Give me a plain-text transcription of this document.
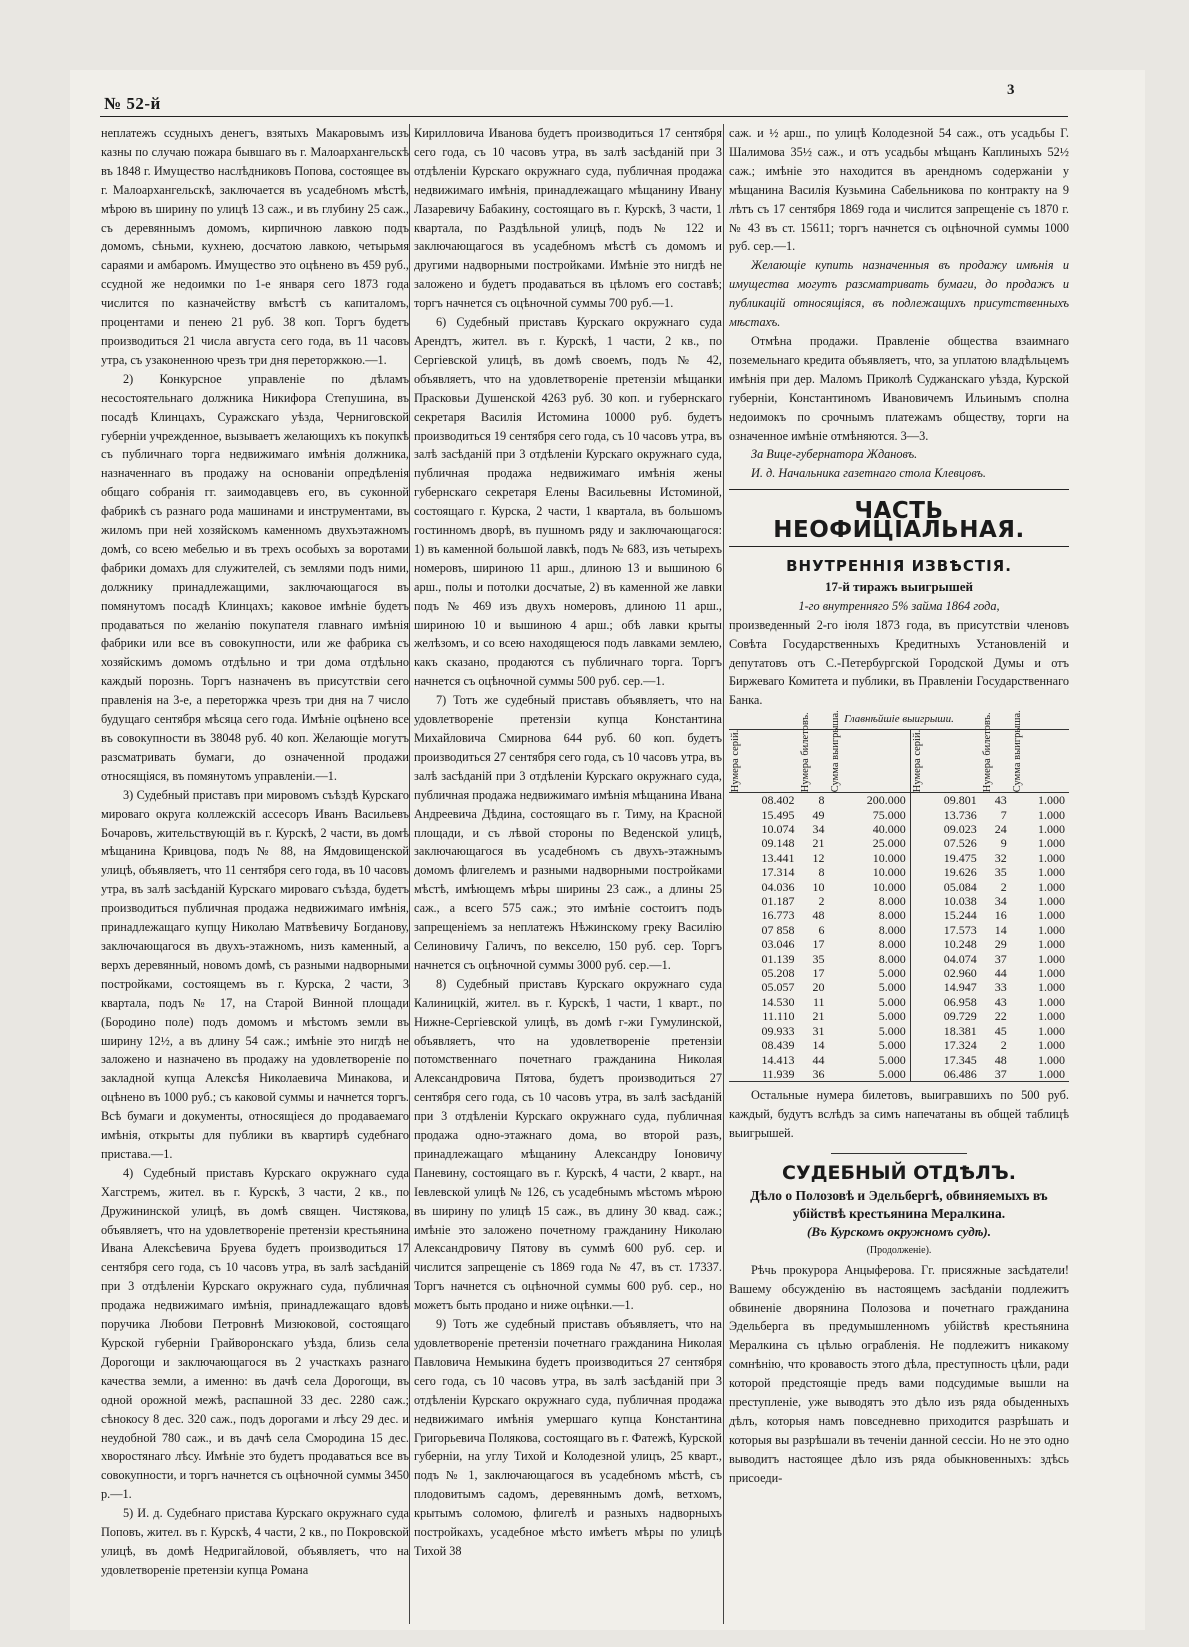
№ 52-й
3

неплатежъ ссудныхъ денегъ, взятыхъ Макаровымъ изъ казны по случаю пожара бывшаго въ г. Малоархангельскѣ въ 1848 г. Имущество наслѣдниковъ Попова, состоящее въ г. Малоархангельскѣ, заключается въ усадебномъ мѣстѣ, мѣрою въ ширину по улицѣ 13 саж., и въ глубину 25 саж., съ деревяннымъ домомъ, кирпичною лавкою подъ домомъ, сѣньми, кухнею, досчатою лавкою, четырьмя сараями и амбаромъ. Имущество это оцѣнено въ 459 руб., ссудной же недоимки по 1-е января сего 1873 года числится по казначейству вмѣстѣ съ капиталомъ, процентами и пенею 21 руб. 38 коп. Торгъ будетъ производиться 21 числа августа сего года, въ 11 часовъ утра, съ узаконенною чрезъ три дня переторжкою.—1.

2) Конкурсное управленіе по дѣламъ несостоятельнаго должника Никифора Степушина, въ посадѣ Клинцахъ, Суражскаго уѣзда, Черниговской губерніи учрежденное, вызываетъ желающихъ къ покупкѣ съ публичнаго торга недвижимаго имѣнія должника, назначеннаго въ продажу на основаніи опредѣленія общаго собранія гг. заимодавцевъ его, въ суконной фабрикѣ съ разнаго рода машинами и инструментами, въ жиломъ при ней хозяйскомъ каменномъ двухъэтажномъ домѣ, со всею мебелью и въ трехъ особыхъ за воротами фабрики домахъ для служителей, съ землями подъ ними, должнику принадлежащими, заключающагося въ помянутомъ посадѣ Клинцахъ; каковое имѣніе будетъ продаваться по желанію покупателя главнаго имѣнія фабрики или все въ совокупности, или же фабрика съ хозяйскимъ домомъ отдѣльно и три дома отдѣльно каждый порознь. Торгъ назначенъ въ присутствіи сего правленія на 3-е, а переторжка чрезъ три дня на 7 число будущаго сентября мѣсяца сего года. Имѣніе оцѣнено все въ совокупности въ 38048 руб. 40 коп. Желающіе могутъ разсматривать бумаги, до означенной продажи относящіяся, въ помянутомъ управленіи.—1.

3) Судебный приставъ при мировомъ съѣздѣ Курскаго мироваго округа коллежскій ассесоръ Иванъ Васильевъ Бочаровъ, жительствующій въ г. Курскѣ, 2 части, въ домѣ мѣщанина Кривцова, подъ № 88, на Ямдовищенской улицѣ, объявляетъ, что 11 сентября сего года, въ 10 часовъ утра, въ залѣ засѣданій Курскаго мироваго съѣзда, будетъ производиться публичная продажа недвижимаго имѣнія, принадлежащаго купцу Николаю Матвѣевичу Богданову, заключающагося въ двухъ-этажномъ, низъ каменный, а верхъ деревянный, новомъ домѣ, съ разными надворными постройками, состоящемъ въ г. Курска, 2 части, 3 квартала, подъ № 17, на Старой Винной площади (Бородино поле) подъ домомъ и мѣстомъ земли въ ширину 12½, а въ длину 54 саж.; имѣніе это нигдѣ не заложено и назначено въ продажу на удовлетвореніе по закладной купца Алексѣя Николаевича Минакова, и оцѣнено въ 1000 руб.; съ каковой суммы и начнется торгъ. Всѣ бумаги и документы, относящіеся до продаваемаго имѣнія, открыты для публики въ квартирѣ судебнаго пристава.—1.

4) Судебный приставъ Курскаго окружнаго суда Хагстремъ, жител. въ г. Курскѣ, 3 части, 2 кв., по Дружининской улицѣ, въ домѣ священ. Чистякова, объявляетъ, что на удовлетвореніе претензіи крестьянина Ивана Алексѣевича Бруева будетъ производиться 17 сентября сего года, съ 10 часовъ утра, въ залѣ засѣданій при 3 отдѣленіи Курскаго окружнаго суда, публичная продажа недвижимаго имѣнія, принадлежащаго вдовѣ поручика Любови Петровнѣ Мизюковой, состоящаго Курской губерніи Грайворонскаго уѣзда, близь села Дорогощи и заключающагося въ 2 участкахъ разнаго качества земли, а именно: въ дачѣ села Дорогощи, въ одной орожной межѣ, распашной 33 дес. 2280 саж.; сѣнокосу 8 дес. 320 саж., подъ дорогами и лѣсу 29 дес. и неудобной 780 саж., и въ дачѣ села Смородина 15 дес. хворостянаго лѣсу. Имѣніе это будетъ продаваться все въ совокупности, и торгъ начнется съ оцѣночной суммы 3450 р.—1.

5) И. д. Судебнаго пристава Курскаго окружнаго суда Поповъ, жител. въ г. Курскѣ, 4 части, 2 кв., по Покровской улицѣ, въ домѣ Недригайловой, объявляетъ, что на удовлетвореніе претензіи купца Романа

Кирилловича Иванова будетъ производиться 17 сентября сего года, съ 10 часовъ утра, въ залѣ засѣданій при 3 отдѣленіи Курскаго окружнаго суда, публичная продажа недвижимаго имѣнія, принадлежащаго мѣщанину Ивану Лазаревичу Бабакину, состоящаго въ г. Курскѣ, 3 части, 1 квартала, по Раздѣльной улицѣ, подъ № 122 и заключающагося въ усадебномъ мѣстѣ съ домомъ и другими надворными постройками. Имѣніе это нигдѣ не заложено и будетъ продаваться въ цѣломъ его составѣ; торгъ начнется съ оцѣночной суммы 700 руб.—1.

6) Судебный приставъ Курскаго окружнаго суда Арендтъ, жител. въ г. Курскѣ, 1 части, 2 кв., по Сергіевской улицѣ, въ домѣ своемъ, подъ № 42, объявляетъ, что на удовлетвореніе претензіи мѣщанки Прасковьи Душенской 4263 руб. 30 коп. и губернскаго секретаря Василія Истомина 10000 руб. будетъ производиться 19 сентября сего года, съ 10 часовъ утра, въ залѣ засѣданій при 3 отдѣленіи Курскаго окружнаго суда, публичная продажа недвижимаго имѣнія жены губернскаго секретаря Елены Васильевны Истоминой, состоящаго г. Курска, 2 части, 1 квартала, въ большомъ гостинномъ дворѣ, въ пушномъ ряду и заключающагося: 1) въ каменной большой лавкѣ, подъ № 683, изъ четырехъ номеровъ, шириною 11 арш., длиною 13 и вышиною 6 арш., полы и потолки досчатые, 2) въ каменной же лавки подъ № 469 изъ двухъ номеровъ, длиною 11 арш., шириною 10 и вышиною 4 арш.; обѣ лавки крыты желѣзомъ, и со всею находящеюся подъ лавками землею, какъ сказано, продаются съ публичнаго торга. Торгъ начнется съ оцѣночной суммы 500 руб. сер.—1.

7) Тотъ же судебный приставъ объявляетъ, что на удовлетвореніе претензіи купца Константина Михайловича Смирнова 644 руб. 60 коп. будетъ производиться 27 сентября сего года, съ 10 часовъ утра, въ залѣ засѣданій при 3 отдѣленіи Курскаго окружнаго суда, публичная продажа недвижимаго имѣнія мѣщанина Ивана Андреевича Дѣдина, состоящаго въ г. Тиму, на Красной площади, и съ лѣвой стороны по Веденской улицѣ, заключающагося въ усадебномъ съ двухъ-этажнымъ домомъ флигелемъ и разными надворными постройками мѣстѣ, имѣющемъ мѣры ширины 23 саж., а длины 25 саж., а всего 575 саж.; это имѣніе состоитъ подъ запрещеніемъ за неплатежъ Нѣжинскому греку Василію Селиновичу Галичъ, по векселю, 150 руб. сер. Торгъ начнется съ оцѣночной суммы 3000 руб. сер.—1.

8) Судебный приставъ Курскаго окружнаго суда Калиницкій, жител. въ г. Курскѣ, 1 части, 1 кварт., по Нижне-Сергіевской улицѣ, въ домѣ г-жи Гумулинской, объявляетъ, что на удовлетвореніе претензіи потомственнаго почетнаго гражданина Николая Александровича Пятова, будетъ производиться 27 сентября сего года, съ 10 часовъ утра, въ залѣ засѣданій при 3 отдѣленіи Курскаго окружнаго суда, публичная продажа одно-этажнаго дома, во второй разъ, принадлежащаго мѣщанину Александру Іоновичу Паневину, состоящаго въ г. Курскѣ, 4 части, 2 кварт., на Іевлевской улицѣ № 126, съ усадебнымъ мѣстомъ мѣрою въ ширину по улицѣ 15 саж., въ длину 30 квад. саж.; имѣніе это заложено почетному гражданину Николаю Александровичу Пятову въ суммѣ 600 руб. сер. и числится запрещеніе съ 1869 года № 47, въ ст. 17337. Торгъ начнется съ оцѣночной суммы 600 руб. сер., но можетъ быть продано и ниже оцѣнки.—1.

9) Тотъ же судебный приставъ объявляетъ, что на удовлетвореніе претензіи почетнаго гражданина Николая Павловича Немыкина будетъ производиться 27 сентября сего года, съ 10 часовъ утра, въ залѣ засѣданій при 3 отдѣленіи Курскаго окружнаго суда, публичная продажа недвижимаго имѣнія умершаго купца Константина Григорьевича Полякова, состоящаго въ г. Фатежѣ, Курской губерніи, на углу Тихой и Колодезной улицъ, 25 кварт., подъ № 1, заключающагося въ усадебномъ мѣстѣ, съ плодовитымъ садомъ, деревяннымъ домѣ, ветхомъ, крытымъ соломою, флигелѣ и разныхъ надворныхъ постройкахъ, усадебное мѣсто имѣетъ мѣры по улицѣ Тихой 38

саж. и ½ арш., по улицѣ Колодезной 54 саж., отъ усадьбы Г. Шалимова 35½ саж., и отъ усадьбы мѣщанъ Каплиныхъ 52½ саж.; имѣніе это находится въ арендномъ содержаніи у мѣщанина Василія Кузьмина Сабельникова по контракту на 9 лѣтъ съ 17 сентября 1869 года и числится запрещеніе съ 1870 г. № 43 въ ст. 15611; торгъ начнется съ оцѣночной суммы 1000 руб. сер.—1.

Желающіе купить назначенныя въ продажу имѣнія и имущества могутъ разсматривать бумаги, до продажъ и публикацій относящіяся, въ подлежащихъ присутственныхъ мѣстахъ.

Отмѣна продажи. Правленіе общества взаимнаго поземельнаго кредита объявляетъ, что, за уплатою владѣльцемъ имѣнія при дер. Маломъ Приколѣ Суджанскаго уѣзда, Курской губерніи, Константиномъ Ивановичемъ Ильинымъ сполна недоимокъ по срочнымъ платежамъ обществу, торги на означенное имѣніе отмѣняются. 3—3.

За Вице-губернатора Ждановъ.

И. д. Начальника газетнаго стола Клевцовъ.

ЧАСТЬ НЕОФИЦІАЛЬНАЯ.
ВНУТРЕННІЯ ИЗВѢСТІЯ.
17-й тиражъ выигрышей
1-го внутренняго 5% займа 1864 года,

произведенный 2-го іюля 1873 года, въ присутствіи членовъ Совѣта Государственныхъ Кредитныхъ Установленій и депутатовъ отъ С.-Петербургской Городской Думы и отъ Биржеваго Комитета и публики, въ Правленіи Государственнаго Банка.

Главнѣйшіе выигрыши.
Нумера серій.	Нумера билетовъ.	Сумма выигрыша.	Нумера серій.	Нумера билетовъ.	Сумма выигрыша.
08.402	8	200.000	09.801	43	1.000
15.495	49	75.000	13.736	7	1.000
10.074	34	40.000	09.023	24	1.000
09.148	21	25.000	07.526	9	1.000
13.441	12	10.000	19.475	32	1.000
17.314	8	10.000	19.626	35	1.000
04.036	10	10.000	05.084	2	1.000
01.187	2	8.000	10.038	34	1.000
16.773	48	8.000	15.244	16	1.000
07 858	6	8.000	17.573	14	1.000
03.046	17	8.000	10.248	29	1.000
01.139	35	8.000	04.074	37	1.000
05.208	17	5.000	02.960	44	1.000
05.057	20	5.000	14.947	33	1.000
14.530	11	5.000	06.958	43	1.000
11.110	21	5.000	09.729	22	1.000
09.933	31	5.000	18.381	45	1.000
08.439	14	5.000	17.324	2	1.000
14.413	44	5.000	17.345	48	1.000
11.939	36	5.000	06.486	37	1.000

Остальные нумера билетовъ, выигравшихъ по 500 руб. каждый, будутъ вслѣдъ за симъ напечатаны въ общей таблицѣ выигрышей.

СУДЕБНЫЙ ОТДѢЛЪ.
Дѣло о Полозовѣ и Эдельбергѣ, обвиняемыхъ въ убійствѣ крестьянина Мералкина.
(Въ Курскомъ окружномъ судѣ).
(Продолженіе).

Рѣчь прокурора Анцыферова. Гг. присяжные засѣдатели! Вашему обсужденію въ настоящемъ засѣданіи подлежитъ обвиненіе дворянина Полозова и почетнаго гражданина Эдельберга въ предумышленномъ убійствѣ крестьянина Мералкина съ цѣлью ограбленія. Не подлежитъ никакому сомнѣнію, что кровавость этого дѣла, преступность цѣли, ради которой предстоящіе предъ вами подсудимые вышли на преступленіе, уже выводятъ это дѣло изъ ряда обыденныхъ дѣлъ, которыя намъ повседневно приходится разрѣшать и которыя вы разрѣшали въ теченіи данной сессіи. Но не это одно выводитъ настоящее дѣло изъ ряда обыкновенныхъ: здѣсь присоеди-
